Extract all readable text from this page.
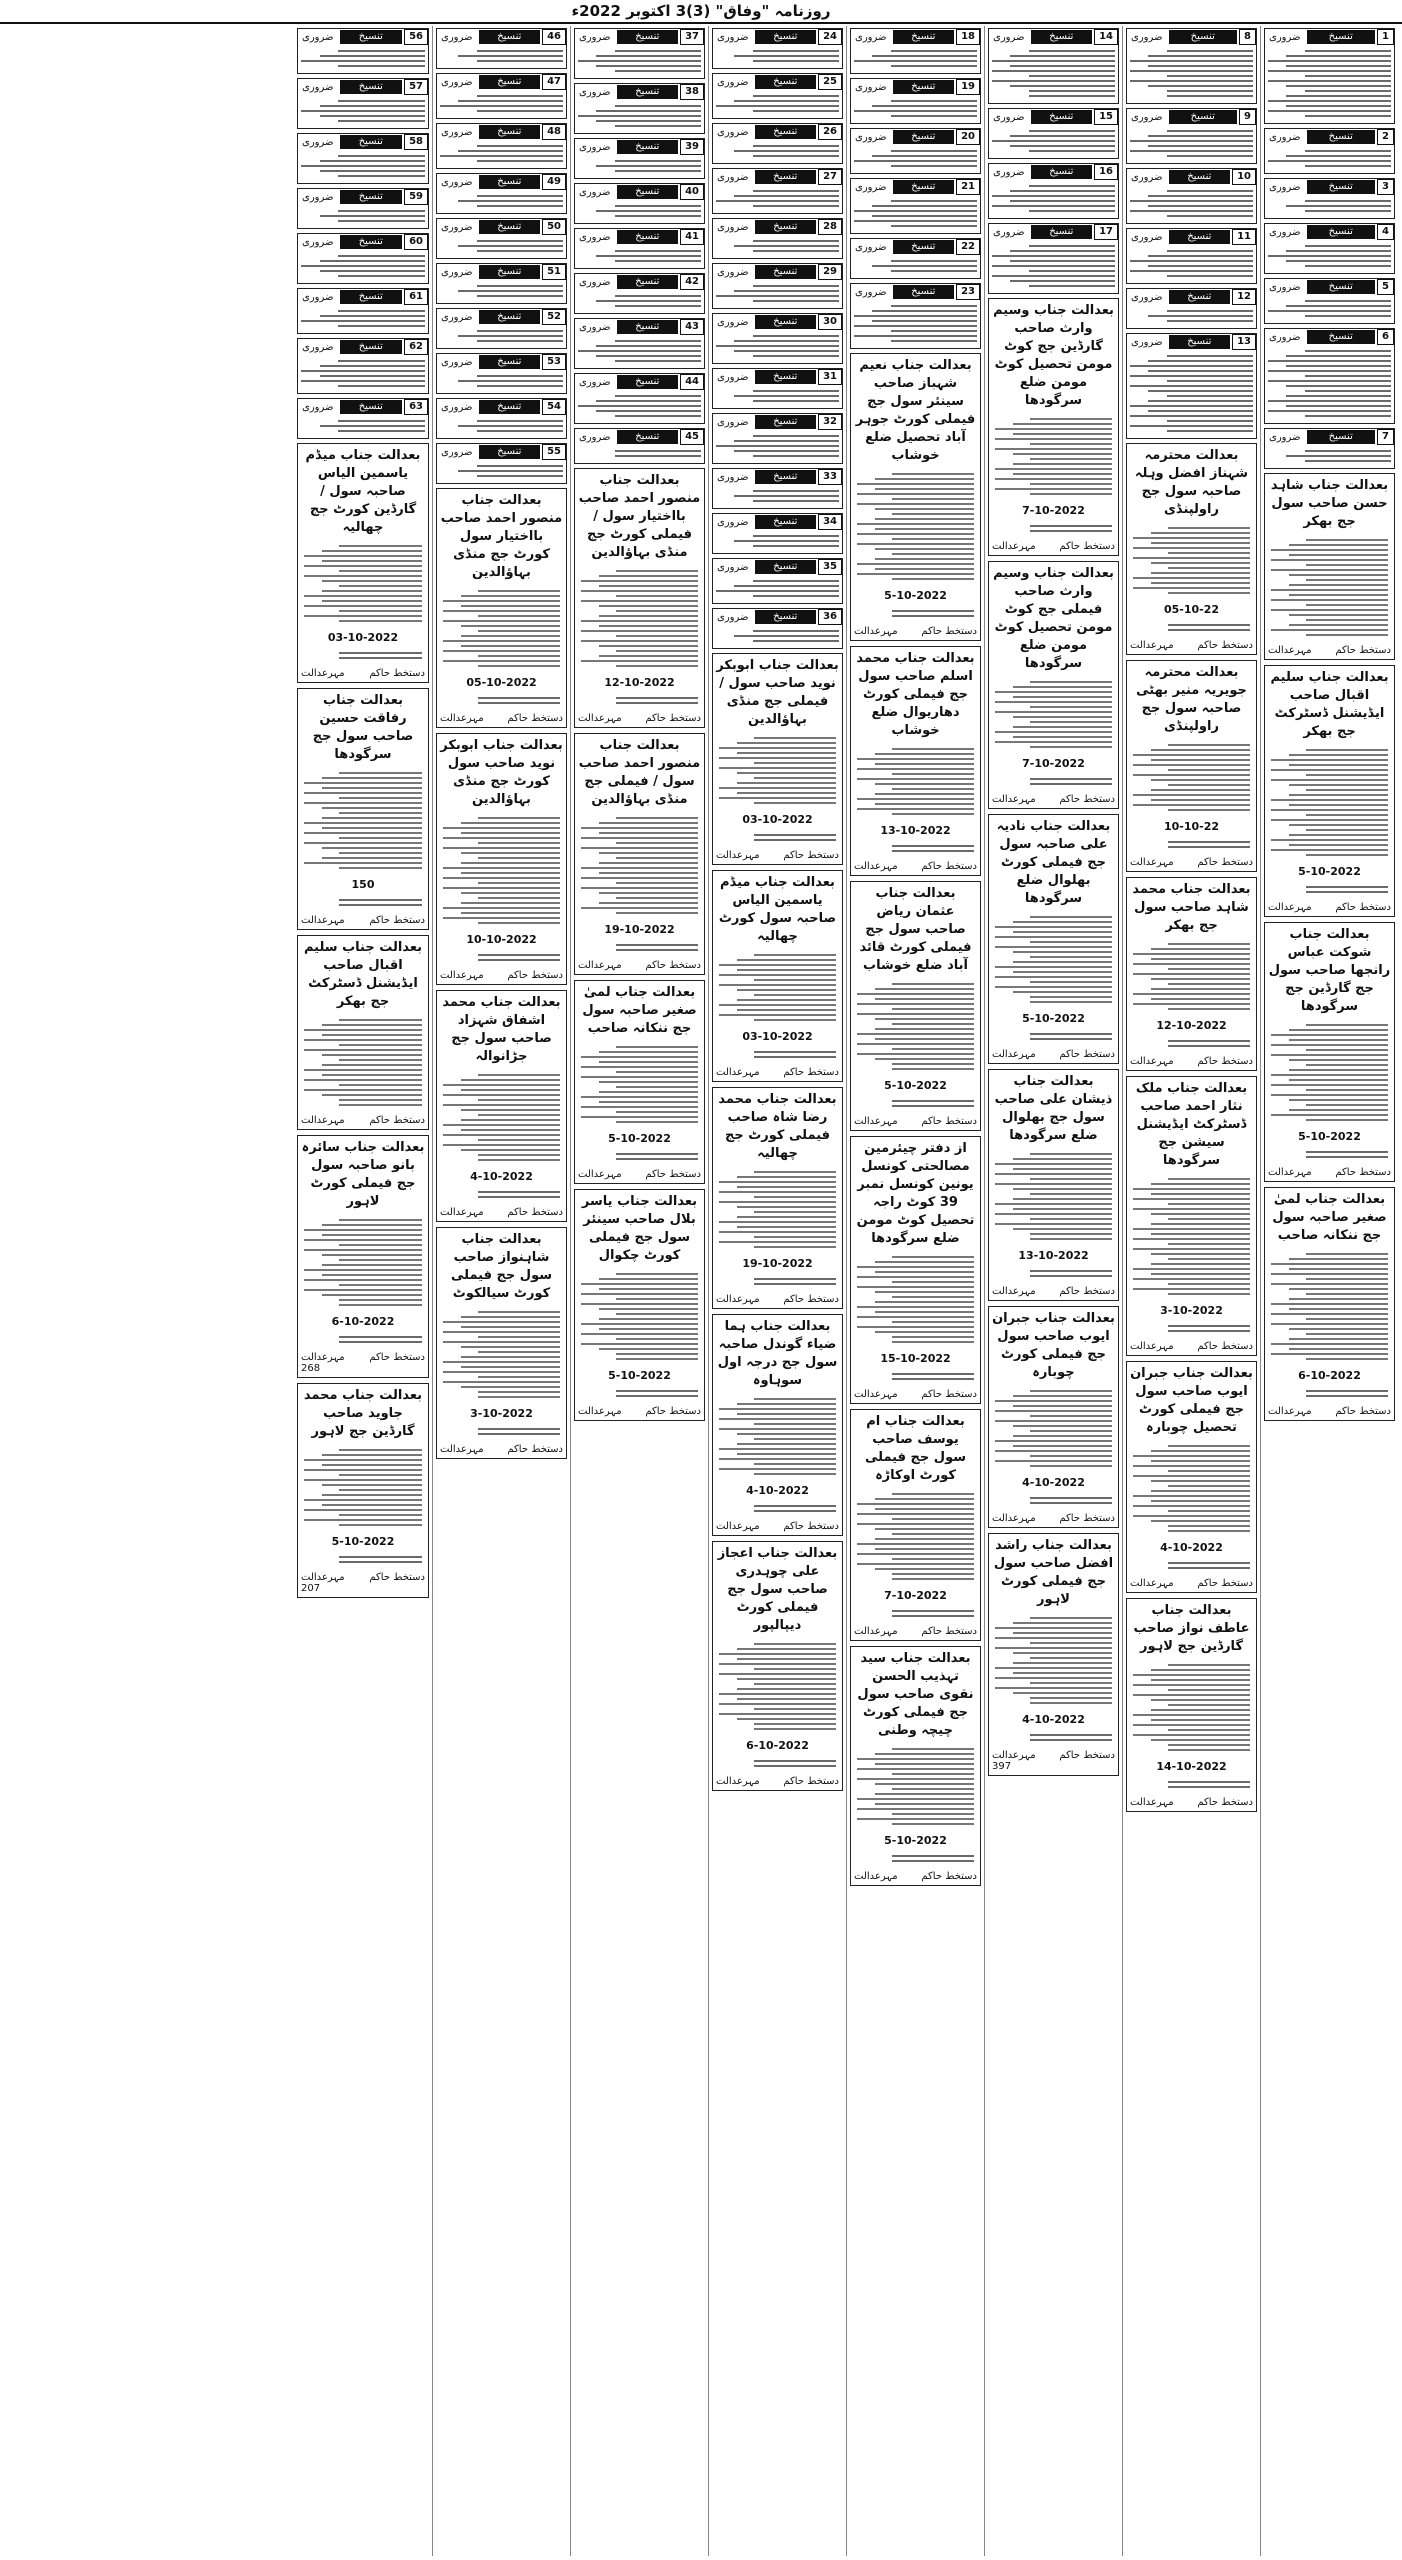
روزنامہ "وفاق" (3)3 اکتوبر 2022ء
1
تنسیخ
ضروری
2
تنسیخ
ضروری
3
تنسیخ
ضروری
4
تنسیخ
ضروری
5
تنسیخ
ضروری
6
تنسیخ
ضروری
7
تنسیخ
ضروری
بعدالت جناب شاہد حسن صاحب سول جج بھکر
دستخط حاکم
مہرعدالت
بعدالت جناب سلیم اقبال صاحب ایڈیشنل ڈسٹرکٹ جج بھکر
5-10-2022
دستخط حاکم
مہرعدالت
بعدالت جناب شوکت عباس رانجھا صاحب سول جج گارڈین جج سرگودھا
5-10-2022
دستخط حاکم
مہرعدالت
بعدالت جناب لمیٰ صغیر صاحبہ سول جج ننکانہ صاحب
6-10-2022
دستخط حاکم
مہرعدالت
8
تنسیخ
ضروری
9
تنسیخ
ضروری
10
تنسیخ
ضروری
11
تنسیخ
ضروری
12
تنسیخ
ضروری
13
تنسیخ
ضروری
بعدالت محترمہ شہناز افضل وہلہ صاحبہ سول جج راولپنڈی
05-10-22
دستخط حاکم
مہرعدالت
بعدالت محترمہ جویریہ منیر بھٹی صاحبہ سول جج راولپنڈی
10-10-22
دستخط حاکم
مہرعدالت
بعدالت جناب محمد شاہد صاحب سول جج بھکر
12-10-2022
دستخط حاکم
مہرعدالت
بعدالت جناب ملک نثار احمد صاحب ڈسٹرکٹ ایڈیشنل سیشن جج سرگودھا
3-10-2022
دستخط حاکم
مہرعدالت
بعدالت جناب جبران ایوب صاحب سول جج فیملی کورٹ تحصیل چوبارہ
4-10-2022
دستخط حاکم
مہرعدالت
بعدالت جناب عاطف نواز صاحب گارڈین جج لاہور
14-10-2022
دستخط حاکم
مہرعدالت
14
تنسیخ
ضروری
15
تنسیخ
ضروری
16
تنسیخ
ضروری
17
تنسیخ
ضروری
بعدالت جناب وسیم وارث صاحب گارڈین جج کوٹ مومن تحصیل کوٹ مومن ضلع سرگودھا
7-10-2022
دستخط حاکم
مہرعدالت
بعدالت جناب وسیم وارث صاحب فیملی جج کوٹ مومن تحصیل کوٹ مومن ضلع سرگودھا
7-10-2022
دستخط حاکم
مہرعدالت
بعدالت جناب نادیہ علی صاحبہ سول جج فیملی کورٹ بھلوال ضلع سرگودھا
5-10-2022
دستخط حاکم
مہرعدالت
بعدالت جناب ذیشان علی صاحب سول جج بھلوال ضلع سرگودھا
13-10-2022
دستخط حاکم
مہرعدالت
بعدالت جناب جبران ایوب صاحب سول جج فیملی کورٹ چوبارہ
4-10-2022
دستخط حاکم
مہرعدالت
بعدالت جناب راشد افضل صاحب سول جج فیملی کورٹ لاہور
4-10-2022
دستخط حاکم
مہرعدالت
397
18
تنسیخ
ضروری
19
تنسیخ
ضروری
20
تنسیخ
ضروری
21
تنسیخ
ضروری
22
تنسیخ
ضروری
23
تنسیخ
ضروری
بعدالت جناب نعیم شہباز صاحب سینئر سول جج فیملی کورٹ جوہر آباد تحصیل ضلع خوشاب
5-10-2022
دستخط حاکم
مہرعدالت
بعدالت جناب محمد اسلم صاحب سول جج فیملی کورٹ دھاریوال ضلع خوشاب
13-10-2022
دستخط حاکم
مہرعدالت
بعدالت جناب عثمان ریاض صاحب سول جج فیملی کورٹ قائد آباد ضلع خوشاب
5-10-2022
دستخط حاکم
مہرعدالت
از دفتر چیئرمین مصالحتی کونسل یونین کونسل نمبر 39 کوٹ راجہ تحصیل کوٹ مومن ضلع سرگودھا
15-10-2022
دستخط حاکم
مہرعدالت
بعدالت جناب ام یوسف صاحب سول جج فیملی کورٹ اوکاڑہ
7-10-2022
دستخط حاکم
مہرعدالت
بعدالت جناب سید تہذیب الحسن نقوی صاحب سول جج فیملی کورٹ چیچہ وطنی
5-10-2022
دستخط حاکم
مہرعدالت
24
تنسیخ
ضروری
25
تنسیخ
ضروری
26
تنسیخ
ضروری
27
تنسیخ
ضروری
28
تنسیخ
ضروری
29
تنسیخ
ضروری
30
تنسیخ
ضروری
31
تنسیخ
ضروری
32
تنسیخ
ضروری
33
تنسیخ
ضروری
34
تنسیخ
ضروری
35
تنسیخ
ضروری
36
تنسیخ
ضروری
بعدالت جناب ابوبکر نوید صاحب سول / فیملی جج منڈی بہاؤالدین
03-10-2022
دستخط حاکم
مہرعدالت
بعدالت جناب میڈم یاسمین الیاس صاحبہ سول کورٹ چھالیہ
03-10-2022
دستخط حاکم
مہرعدالت
بعدالت جناب محمد رضا شاہ صاحب فیملی کورٹ جج چھالیہ
19-10-2022
دستخط حاکم
مہرعدالت
بعدالت جناب ہما ضیاء گوندل صاحبہ سول جج درجہ اول سوہاوہ
4-10-2022
دستخط حاکم
مہرعدالت
بعدالت جناب اعجاز علی چوہدری صاحب سول جج فیملی کورٹ دیپالپور
6-10-2022
دستخط حاکم
مہرعدالت
37
تنسیخ
ضروری
38
تنسیخ
ضروری
39
تنسیخ
ضروری
40
تنسیخ
ضروری
41
تنسیخ
ضروری
42
تنسیخ
ضروری
43
تنسیخ
ضروری
44
تنسیخ
ضروری
45
تنسیخ
ضروری
بعدالت جناب منصور احمد صاحب بااختیار سول / فیملی کورٹ جج منڈی بہاؤالدین
12-10-2022
دستخط حاکم
مہرعدالت
بعدالت جناب منصور احمد صاحب سول / فیملی جج منڈی بہاؤالدین
19-10-2022
دستخط حاکم
مہرعدالت
بعدالت جناب لمیٰ صغیر صاحبہ سول جج ننکانہ صاحب
5-10-2022
دستخط حاکم
مہرعدالت
بعدالت جناب یاسر بلال صاحب سینئر سول جج فیملی کورٹ چکوال
5-10-2022
دستخط حاکم
مہرعدالت
46
تنسیخ
ضروری
47
تنسیخ
ضروری
48
تنسیخ
ضروری
49
تنسیخ
ضروری
50
تنسیخ
ضروری
51
تنسیخ
ضروری
52
تنسیخ
ضروری
53
تنسیخ
ضروری
54
تنسیخ
ضروری
55
تنسیخ
ضروری
بعدالت جناب منصور احمد صاحب بااختیار سول کورٹ جج منڈی بہاؤالدین
05-10-2022
دستخط حاکم
مہرعدالت
بعدالت جناب ابوبکر نوید صاحب سول کورٹ جج منڈی بہاؤالدین
10-10-2022
دستخط حاکم
مہرعدالت
بعدالت جناب محمد اشفاق شہزاد صاحب سول جج جڑانوالہ
4-10-2022
دستخط حاکم
مہرعدالت
بعدالت جناب شاہنواز صاحب سول جج فیملی کورٹ سیالکوٹ
3-10-2022
دستخط حاکم
مہرعدالت
56
تنسیخ
ضروری
57
تنسیخ
ضروری
58
تنسیخ
ضروری
59
تنسیخ
ضروری
60
تنسیخ
ضروری
61
تنسیخ
ضروری
62
تنسیخ
ضروری
63
تنسیخ
ضروری
بعدالت جناب میڈم یاسمین الیاس صاحبہ سول / گارڈین کورٹ جج چھالیہ
03-10-2022
دستخط حاکم
مہرعدالت
بعدالت جناب رفاقت حسین صاحب سول جج سرگودھا
150
دستخط حاکم
مہرعدالت
بعدالت جناب سلیم اقبال صاحب ایڈیشنل ڈسٹرکٹ جج بھکر
دستخط حاکم
مہرعدالت
بعدالت جناب سائرہ بانو صاحبہ سول جج فیملی کورٹ لاہور
6-10-2022
دستخط حاکم
مہرعدالت
268
بعدالت جناب محمد جاوید صاحب گارڈین جج لاہور
5-10-2022
دستخط حاکم
مہرعدالت
207
